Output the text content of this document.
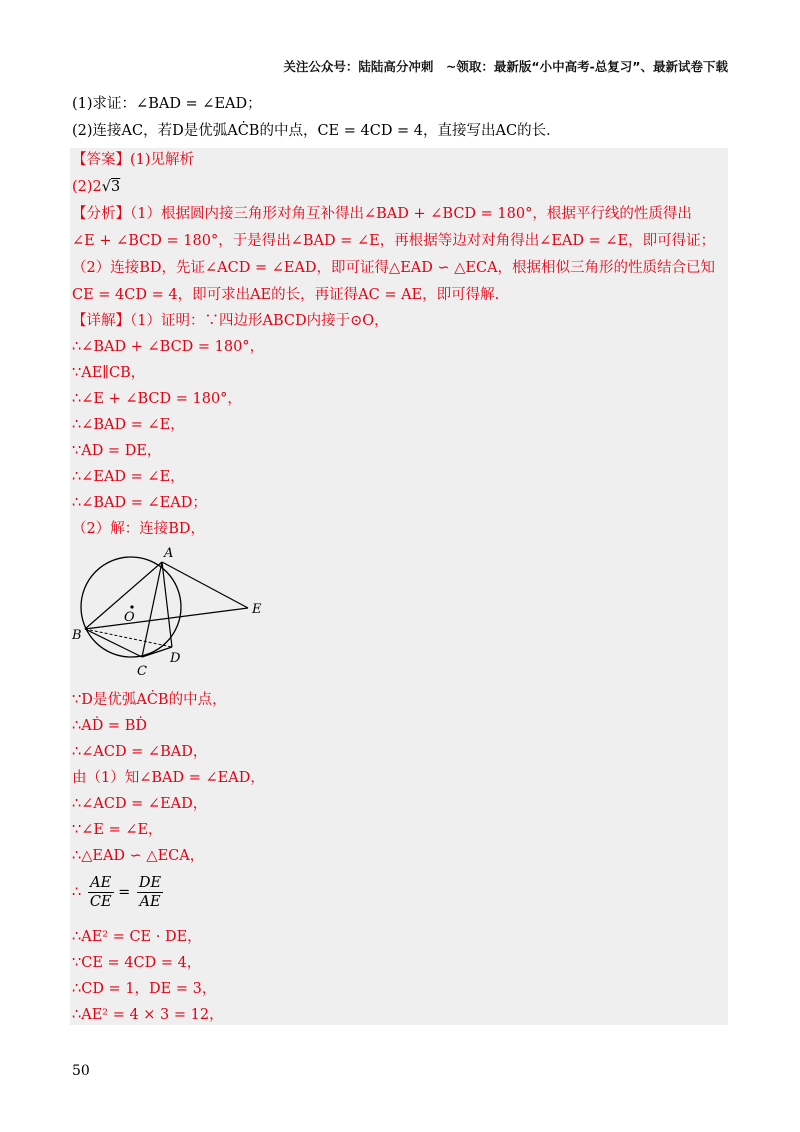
关注公众号：陆陆高分冲刺　~领取：最新版“小中高考-总复习”、最新试卷下载
(1)求证：∠BAD = ∠EAD；
(2)连接AC，若D是优弧AĊB的中点，CE = 4CD = 4，直接写出AC的长．
【答案】(1)见解析
(2)2√3
【分析】（1）根据圆内接三角形对角互补得出∠BAD + ∠BCD = 180°，根据平行线的性质得出
∠E + ∠BCD = 180°，于是得出∠BAD = ∠E，再根据等边对对角得出∠EAD = ∠E，即可得证；
（2）连接BD，先证∠ACD = ∠EAD，即可证得△EAD ∽ △ECA，根据相似三角形的性质结合已知
CE = 4CD = 4，即可求出AE的长，再证得AC = AE，即可得解.
【详解】（1）证明：∵四边形ABCD内接于⊙O，
∴∠BAD + ∠BCD = 180°，
∵AE∥CB，
∴∠E + ∠BCD = 180°，
∴∠BAD = ∠E，
∵AD = DE，
∴∠EAD = ∠E，
∴∠BAD = ∠EAD；
（2）解：连接BD，
A
B
C
D
E
O
∵D是优弧AĊB的中点，
∴AḊ = BḊ
∴∠ACD = ∠BAD，
由（1）知∠BAD = ∠EAD，
∴∠ACD = ∠EAD，
∵∠E = ∠E，
∴△EAD ∽ △ECA，
∴ $\frac{AE}{CE} = \frac{DE}{AE}$
∴AE² = CE · DE，
∵CE = 4CD = 4，
∴CD = 1，DE = 3，
∴AE² = 4 × 3 = 12，
50
